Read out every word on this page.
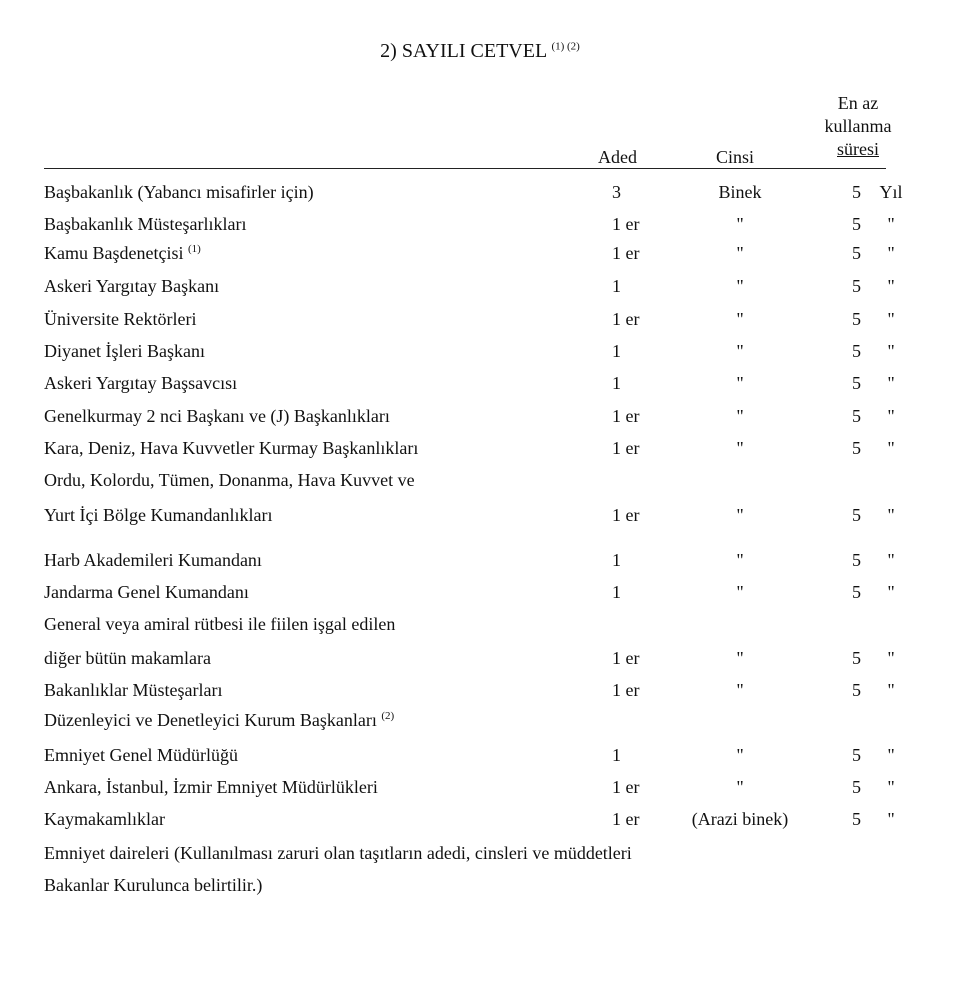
2) SAYILI CETVEL $^{(1) (2)}$
Aded	Cinsi
En az
kullanma
süresi
Başbakanlık (Yabancı misafirler için)	3	Binek	5 Yıl
Başbakanlık Müsteşarlıkları	1 er	"	5	"
Kamu Başdenetçisi $^{(1)}$	1 er	"	5	"
Askeri Yargıtay Başkanı	1	"	5	"
Üniversite Rektörleri	1 er	"	5	"
Diyanet İşleri Başkanı	1	"	5	"
Askeri Yargıtay Başsavcısı	1	"	5	"
Genelkurmay 2 nci Başkanı ve (J) Başkanlıkları	1 er	"	5	"
Kara, Deniz, Hava Kuvvetler Kurmay Başkanlıkları	1 er	"	5	"
Ordu, Kolordu, Tümen, Donanma, Hava Kuvvet ve
Yurt İçi Bölge Kumandanlıkları	1 er	"	5	"
Harb Akademileri Kumandanı	1	"	5	"
Jandarma Genel Kumandanı	1	"	5	"
General veya amiral rütbesi ile fiilen işgal edilen
diğer bütün makamlara	1 er	"	5	"
Bakanlıklar Müsteşarları	1 er	"	5	"
Düzenleyici ve Denetleyici Kurum Başkanları $^{(2)}$
Emniyet Genel Müdürlüğü	1	"	5	"
Ankara, İstanbul, İzmir Emniyet Müdürlükleri	1 er	"	5	"
Kaymakamlıklar	1 er	(Arazi binek)	5	"
Emniyet daireleri (Kullanılması zaruri olan taşıtların adedi, cinsleri ve müddetleri
Bakanlar Kurulunca belirtilir.)
